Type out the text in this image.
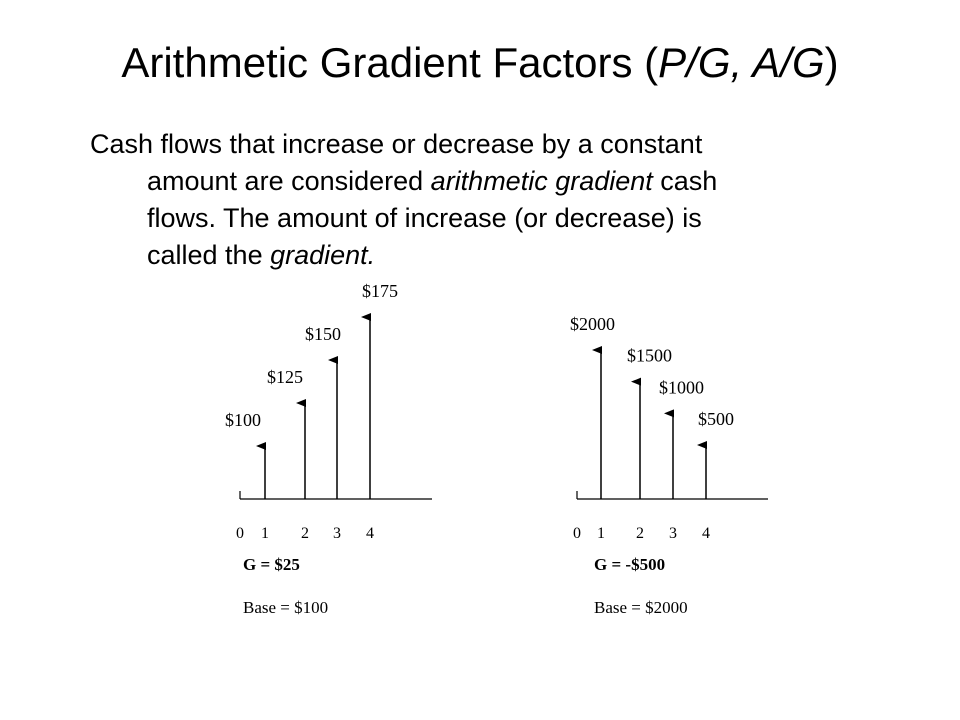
Arithmetic Gradient Factors (P/G, A/G)

Cash flows that increase or decrease by a constant
amount are considered arithmetic gradient cash
flows. The amount of increase (or decrease) is
called the gradient.

0 1 2 3 4
$100
$125
$150
$175
G = $25
Base = $100
0 1 2 3 4
$2000
$1500
$1000
$500
G = -$500
Base = $2000
